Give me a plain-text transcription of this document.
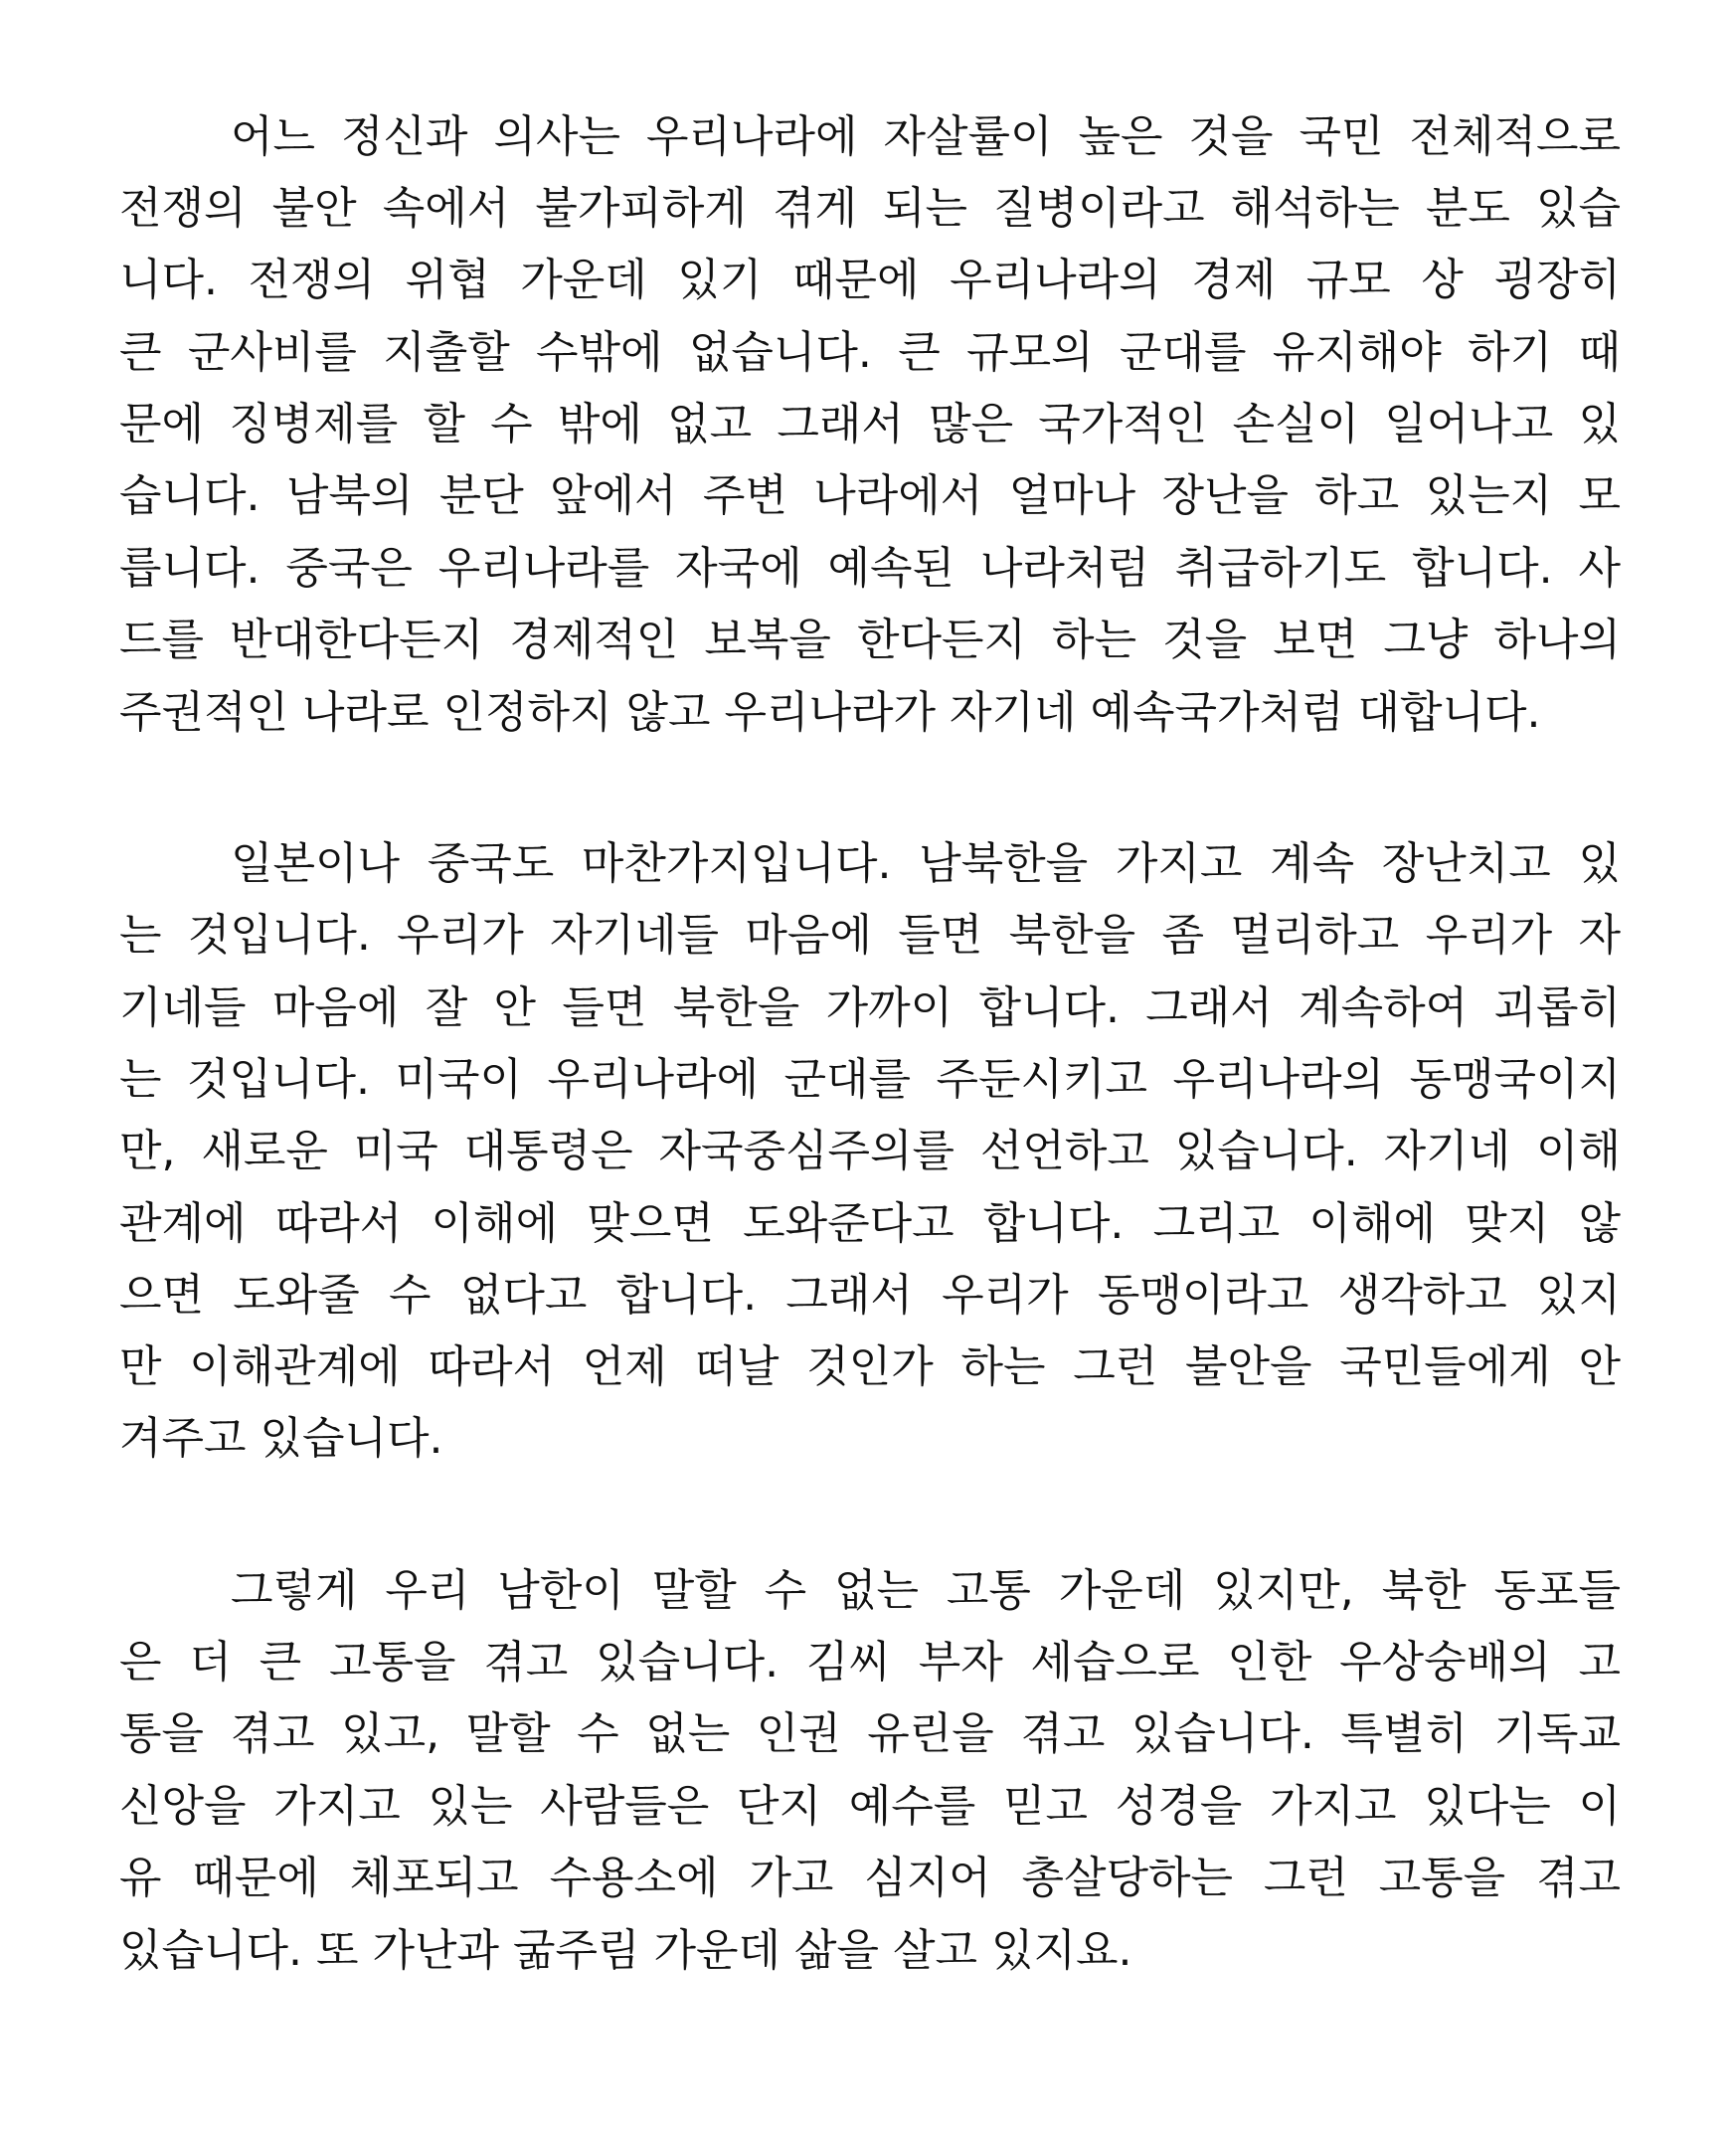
어느 정신과 의사는 우리나라에 자살률이 높은 것을 국민 전체적으로
전쟁의 불안 속에서 불가피하게 겪게 되는 질병이라고 해석하는 분도 있습
니다. 전쟁의 위협 가운데 있기 때문에 우리나라의 경제 규모 상 굉장히
큰 군사비를 지출할 수밖에 없습니다. 큰 규모의 군대를 유지해야 하기 때
문에 징병제를 할 수 밖에 없고 그래서 많은 국가적인 손실이 일어나고 있
습니다. 남북의 분단 앞에서 주변 나라에서 얼마나 장난을 하고 있는지 모
릅니다. 중국은 우리나라를 자국에 예속된 나라처럼 취급하기도 합니다. 사
드를 반대한다든지 경제적인 보복을 한다든지 하는 것을 보면 그냥 하나의
주권적인 나라로 인정하지 않고 우리나라가 자기네 예속국가처럼 대합니다.
일본이나 중국도 마찬가지입니다. 남북한을 가지고 계속 장난치고 있
는 것입니다. 우리가 자기네들 마음에 들면 북한을 좀 멀리하고 우리가 자
기네들 마음에 잘 안 들면 북한을 가까이 합니다. 그래서 계속하여 괴롭히
는 것입니다. 미국이 우리나라에 군대를 주둔시키고 우리나라의 동맹국이지
만, 새로운 미국 대통령은 자국중심주의를 선언하고 있습니다. 자기네 이해
관계에 따라서 이해에 맞으면 도와준다고 합니다. 그리고 이해에 맞지 않
으면 도와줄 수 없다고 합니다. 그래서 우리가 동맹이라고 생각하고 있지
만 이해관계에 따라서 언제 떠날 것인가 하는 그런 불안을 국민들에게 안
겨주고 있습니다.
그렇게 우리 남한이 말할 수 없는 고통 가운데 있지만, 북한 동포들
은 더 큰 고통을 겪고 있습니다. 김씨 부자 세습으로 인한 우상숭배의 고
통을 겪고 있고, 말할 수 없는 인권 유린을 겪고 있습니다. 특별히 기독교
신앙을 가지고 있는 사람들은 단지 예수를 믿고 성경을 가지고 있다는 이
유 때문에 체포되고 수용소에 가고 심지어 총살당하는 그런 고통을 겪고
있습니다. 또 가난과 굶주림 가운데 삶을 살고 있지요.
